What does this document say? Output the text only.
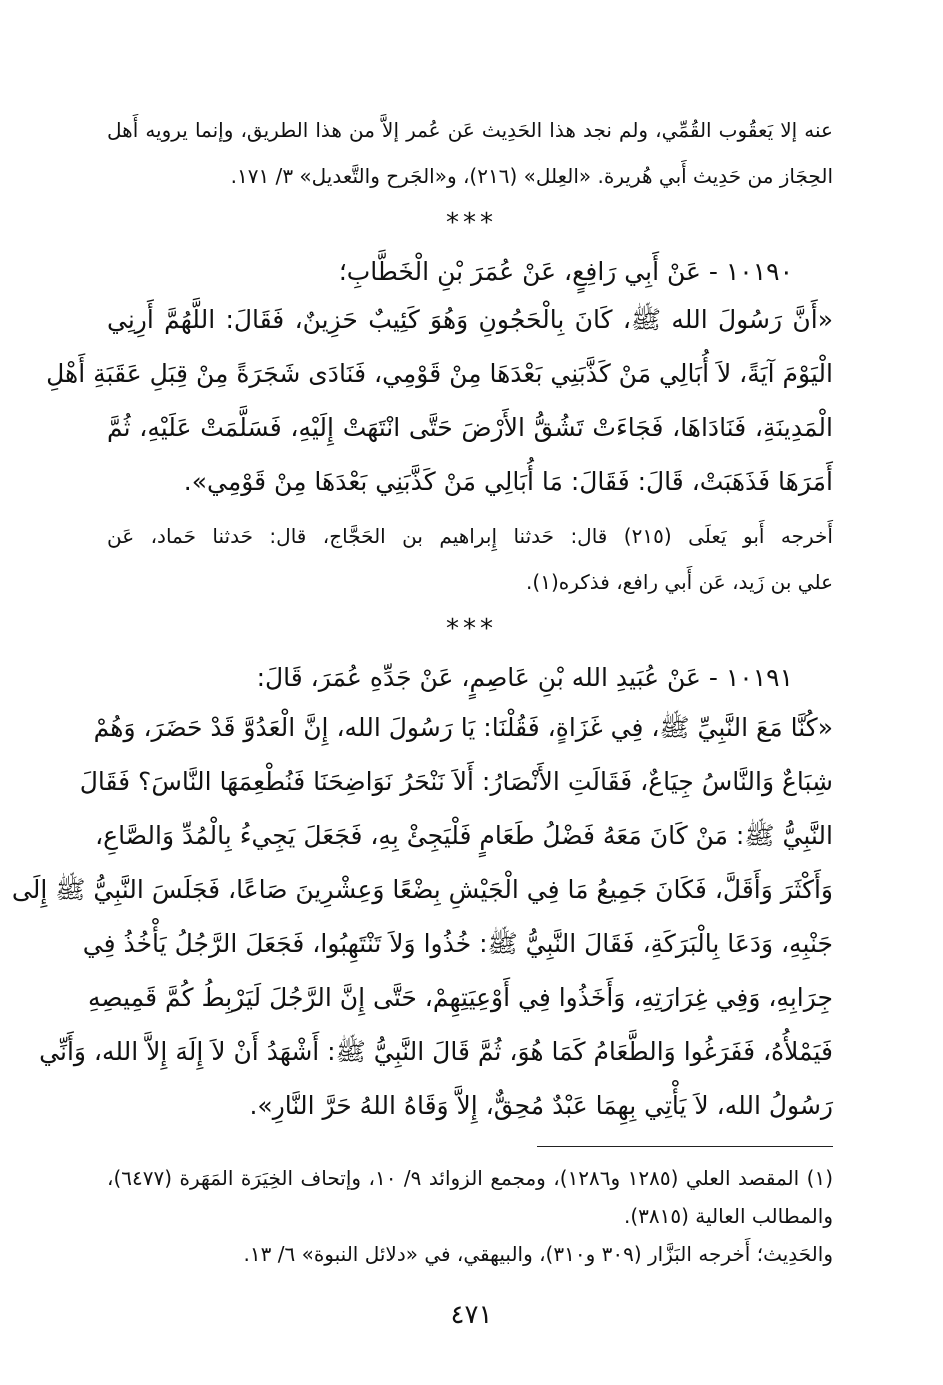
عنه إلا يَعقُوب القُمِّي، ولم نجد هذا الحَدِيث عَن عُمر إلاَّ من هذا الطريق، وإنما يرويه أَهل
الحِجَاز من حَدِيث أَبي هُريرة. «العِلل» (٢١٦)، و«الجَرح والتَّعديل» ٣/ ١٧١.
***
١٠١٩٠ - عَنْ أَبِي رَافِعٍ، عَنْ عُمَرَ بْنِ الْخَطَّابِ؛
«أَنَّ رَسُولَ الله ﷺ، كَانَ بِالْحَجُونِ وَهُوَ كَئِيبٌ حَزِينٌ، فَقَالَ: اللَّهُمَّ أَرِنِي
الْيَوْمَ آيَةً، لاَ أُبَالِي مَنْ كَذَّبَنِي بَعْدَهَا مِنْ قَوْمِي، فَنَادَى شَجَرَةً مِنْ قِبَلِ عَقَبَةِ أَهْلِ
الْمَدِينَةِ، فَنَادَاهَا، فَجَاءَتْ تَشُقُّ الأَرْضَ حَتَّى انْتَهَتْ إِلَيْهِ، فَسَلَّمَتْ عَلَيْهِ، ثُمَّ
أَمَرَهَا فَذَهَبَتْ، قَالَ: فَقَالَ: مَا أُبَالِي مَنْ كَذَّبَنِي بَعْدَهَا مِنْ قَوْمِي».
أَخرجه أَبو يَعلَى (٢١٥) قال: حَدثنا إِبراهيم بن الحَجَّاج، قال: حَدثنا حَماد، عَن
علي بن زَيد، عَن أَبي رافع، فذكره(١).
***
١٠١٩١ - عَنْ عُبَيدِ الله بْنِ عَاصِمٍ، عَنْ جَدِّهِ عُمَرَ، قَالَ:
«كُنَّا مَعَ النَّبِيِّ ﷺ، فِي غَزَاةٍ، فَقُلْنَا: يَا رَسُولَ الله، إِنَّ الْعَدُوَّ قَدْ حَضَرَ، وَهُمْ
شِبَاعٌ وَالنَّاسُ جِيَاعٌ، فَقَالَتِ الأَنْصَارُ: أَلاَ نَنْحَرُ نَوَاضِحَنَا فَنُطْعِمَهَا النَّاسَ؟ فَقَالَ
النَّبِيُّ ﷺ: مَنْ كَانَ مَعَهُ فَضْلُ طَعَامٍ فَلْيَجِئْ بِهِ، فَجَعَلَ يَجِيءُ بِالْمُدِّ وَالصَّاعِ،
وَأَكْثَرَ وَأَقَلَّ، فَكَانَ جَمِيعُ مَا فِي الْجَيْشِ بِضْعًا وَعِشْرِينَ صَاعًا، فَجَلَسَ النَّبِيُّ ﷺ إِلَى
جَنْبِهِ، وَدَعَا بِالْبَرَكَةِ، فَقَالَ النَّبِيُّ ﷺ: خُذُوا وَلاَ تَنْتَهِبُوا، فَجَعَلَ الرَّجُلُ يَأْخُذُ فِي
جِرَابِهِ، وَفِي غِرَارَتِهِ، وَأَخَذُوا فِي أَوْعِيَتِهِمْ، حَتَّى إِنَّ الرَّجُلَ لَيَرْبِطُ كُمَّ قَمِيصِهِ
فَيَمْلأُهُ، فَفَرَغُوا وَالطَّعَامُ كَمَا هُوَ، ثُمَّ قَالَ النَّبِيُّ ﷺ: أَشْهَدُ أَنْ لاَ إِلَهَ إِلاَّ الله، وَأَنِّي
رَسُولُ الله، لاَ يَأْتِي بِهِمَا عَبْدٌ مُحِقٌّ، إِلاَّ وَقَاهُ اللهُ حَرَّ النَّارِ».
(١) المقصد العلي (١٢٨٥ و١٢٨٦)، ومجمع الزوائد ٩/ ١٠، وإتحاف الخِيَرَة المَهَرة (٦٤٧٧)،
والمطالب العالية (٣٨١٥).
والحَدِيث؛ أَخرجه البَزَّار (٣٠٩ و٣١٠)، والبيهقي، في «دلائل النبوة» ٦/ ١٣.
٤٧١
